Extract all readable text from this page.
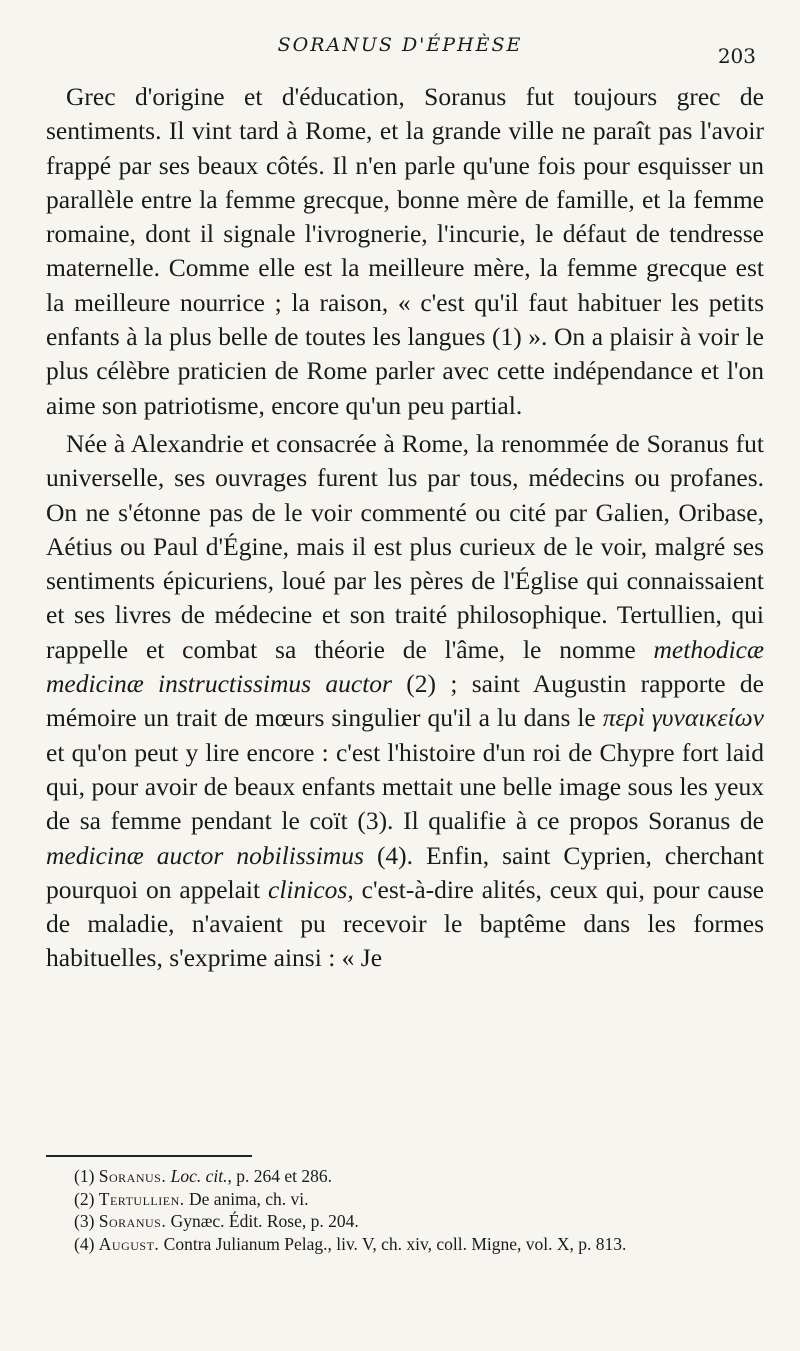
SORANUS D'ÉPHÈSE	203

Grec d'origine et d'éducation, Soranus fut toujours grec de sentiments. Il vint tard à Rome, et la grande ville ne paraît pas l'avoir frappé par ses beaux côtés. Il n'en parle qu'une fois pour esquisser un parallèle entre la femme grecque, bonne mère de famille, et la femme romaine, dont il signale l'ivrognerie, l'incurie, le défaut de tendresse maternelle. Comme elle est la meilleure mère, la femme grecque est la meilleure nourrice ; la raison, « c'est qu'il faut habituer les petits enfants à la plus belle de toutes les langues (1) ». On a plaisir à voir le plus célèbre praticien de Rome parler avec cette indépendance et l'on aime son patriotisme, encore qu'un peu partial.

Née à Alexandrie et consacrée à Rome, la renommée de Soranus fut universelle, ses ouvrages furent lus par tous, médecins ou profanes. On ne s'étonne pas de le voir commenté ou cité par Galien, Oribase, Aétius ou Paul d'Égine, mais il est plus curieux de le voir, malgré ses sentiments épicuriens, loué par les pères de l'Église qui connaissaient et ses livres de médecine et son traité philosophique. Tertullien, qui rappelle et combat sa théorie de l'âme, le nomme methodicæ medicinæ instructissimus auctor (2) ; saint Augustin rapporte de mémoire un trait de mœurs singulier qu'il a lu dans le περὶ γυναικείων et qu'on peut y lire encore : c'est l'histoire d'un roi de Chypre fort laid qui, pour avoir de beaux enfants mettait une belle image sous les yeux de sa femme pendant le coït (3). Il qualifie à ce propos Soranus de medicinæ auctor nobilissimus (4). Enfin, saint Cyprien, cherchant pourquoi on appelait clinicos, c'est-à-dire alités, ceux qui, pour cause de maladie, n'avaient pu recevoir le baptême dans les formes habituelles, s'exprime ainsi : « Je

(1) Soranus. Loc. cit., p. 264 et 286.

(2) Tertullien. De anima, ch. vi.

(3) Soranus. Gynæc. Édit. Rose, p. 204.

(4) August. Contra Julianum Pelag., liv. V, ch. xiv, coll. Migne, vol. X, p. 813.
